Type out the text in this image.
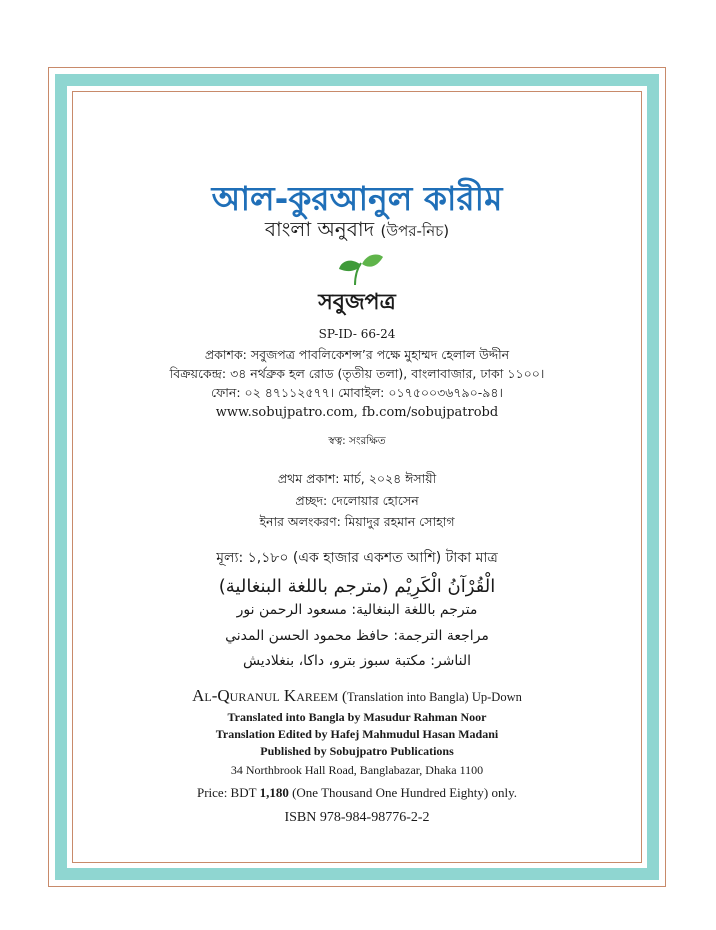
আল-কুরআনুল কারীম
বাংলা অনুবাদ (উপর-নিচ)
সবুজপত্র
SP-ID- 66-24
প্রকাশক: সবুজপত্র পাবলিকেশন্স’র পক্ষে মুহাম্মদ হেলাল উদ্দীন
বিক্রয়কেন্দ্র: ৩৪ নর্থব্রুক হল রোড (তৃতীয় তলা), বাংলাবাজার, ঢাকা ১১০০।
ফোন: ০২ ৪৭১১২৫৭৭। মোবাইল: ০১৭৫০০৩৬৭৯০-৯৪।
www.sobujpatro.com, fb.com/sobujpatrobd
স্বত্ব: সংরক্ষিত
প্রথম প্রকাশ: মার্চ, ২০২৪ ঈসায়ী
প্রচ্ছদ: দেলোয়ার হোসেন
ইনার অলংকরণ: মিয়াদুর রহমান সোহাগ
মূল্য: ১,১৮০ (এক হাজার একশত আশি) টাকা মাত্র
الْقُرْآنُ الْكَرِيْم (مترجم باللغة البنغالية)
مترجم باللغة البنغالية: مسعود الرحمن نور
مراجعة الترجمة: حافظ محمود الحسن المدني
الناشر: مكتبة سبوز بترو، داكا، بنغلاديش
Al-Quranul Kareem (Translation into Bangla) Up-Down
Translated into Bangla by Masudur Rahman Noor
Translation Edited by Hafej Mahmudul Hasan Madani
Published by Sobujpatro Publications
34 Northbrook Hall Road, Banglabazar, Dhaka 1100
Price: BDT 1,180 (One Thousand One Hundred Eighty) only.
ISBN 978-984-98776-2-2
